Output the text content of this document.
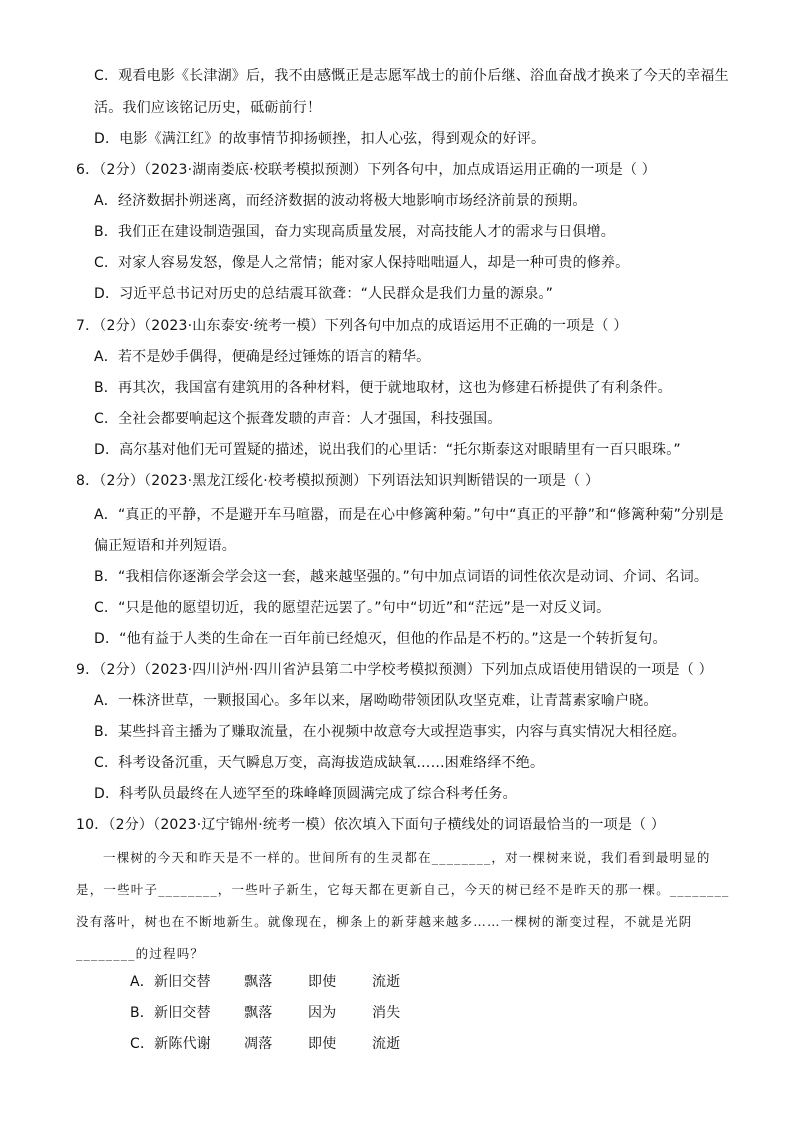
C．观看电影《长津湖》后，我不由感慨正是志愿军战士的前仆后继、浴血奋战才换来了今天的幸福生
活。我们应该铭记历史，砥砺前行！
D．电影《满江红》的故事情节抑扬顿挫，扣人心弦，得到观众的好评。
6．（2分）（2023·湖南娄底·校联考模拟预测）下列各句中，加点成语运用正确的一项是（ ）
A．经济数据扑朔迷离，而经济数据的波动将极大地影响市场经济前景的预期。
B．我们正在建设制造强国，奋力实现高质量发展，对高技能人才的需求与日俱增。
C．对家人容易发怒，像是人之常情；能对家人保持咄咄逼人，却是一种可贵的修养。
D．习近平总书记对历史的总结震耳欲聋：“人民群众是我们力量的源泉。”
7．（2分）（2023·山东泰安·统考一模）下列各句中加点的成语运用不正确的一项是（ ）
A．若不是妙手偶得，便确是经过锤炼的语言的精华。
B．再其次，我国富有建筑用的各种材料，便于就地取材，这也为修建石桥提供了有利条件。
C．全社会都要响起这个振聋发聩的声音：人才强国，科技强国。
D．高尔基对他们无可置疑的描述，说出我们的心里话：“托尔斯泰这对眼睛里有一百只眼珠。”
8．（2分）（2023·黑龙江绥化·校考模拟预测）下列语法知识判断错误的一项是（ ）
A．“真正的平静，不是避开车马喧嚣，而是在心中修篱种菊。”句中“真正的平静”和“修篱种菊”分别是
偏正短语和并列短语。
B．“我相信你逐渐会学会这一套，越来越坚强的。”句中加点词语的词性依次是动词、介词、名词。
C．“只是他的愿望切近，我的愿望茫远罢了。”句中“切近”和“茫远”是一对反义词。
D．“他有益于人类的生命在一百年前已经熄灭，但他的作品是不朽的。”这是一个转折复句。
9．（2分）（2023·四川泸州·四川省泸县第二中学校考模拟预测）下列加点成语使用错误的一项是（ ）
A．一株济世草，一颗报国心。多年以来，屠呦呦带领团队攻坚克难，让青蒿素家喻户晓。
B．某些抖音主播为了赚取流量，在小视频中故意夸大或捏造事实，内容与真实情况大相径庭。
C．科考设备沉重，天气瞬息万变，高海拔造成缺氧……困难络绎不绝。
D．科考队员最终在人迹罕至的珠峰峰顶圆满完成了综合科考任务。
10．（2分）（2023·辽宁锦州·统考一模）依次填入下面句子横线处的词语最恰当的一项是（ ）
一棵树的今天和昨天是不一样的。世间所有的生灵都在________，对一棵树来说，我们看到最明显的
是，一些叶子________，一些叶子新生，它每天都在更新自己，今天的树已经不是昨天的那一棵。________
没有落叶，树也在不断地新生。就像现在，柳条上的新芽越来越多……一棵树的渐变过程，不就是光阴
________的过程吗？
A．新旧交替 飘落	即使	流逝
B．新旧交替 飘落	因为	消失
C．新陈代谢 凋落	即使	流逝
